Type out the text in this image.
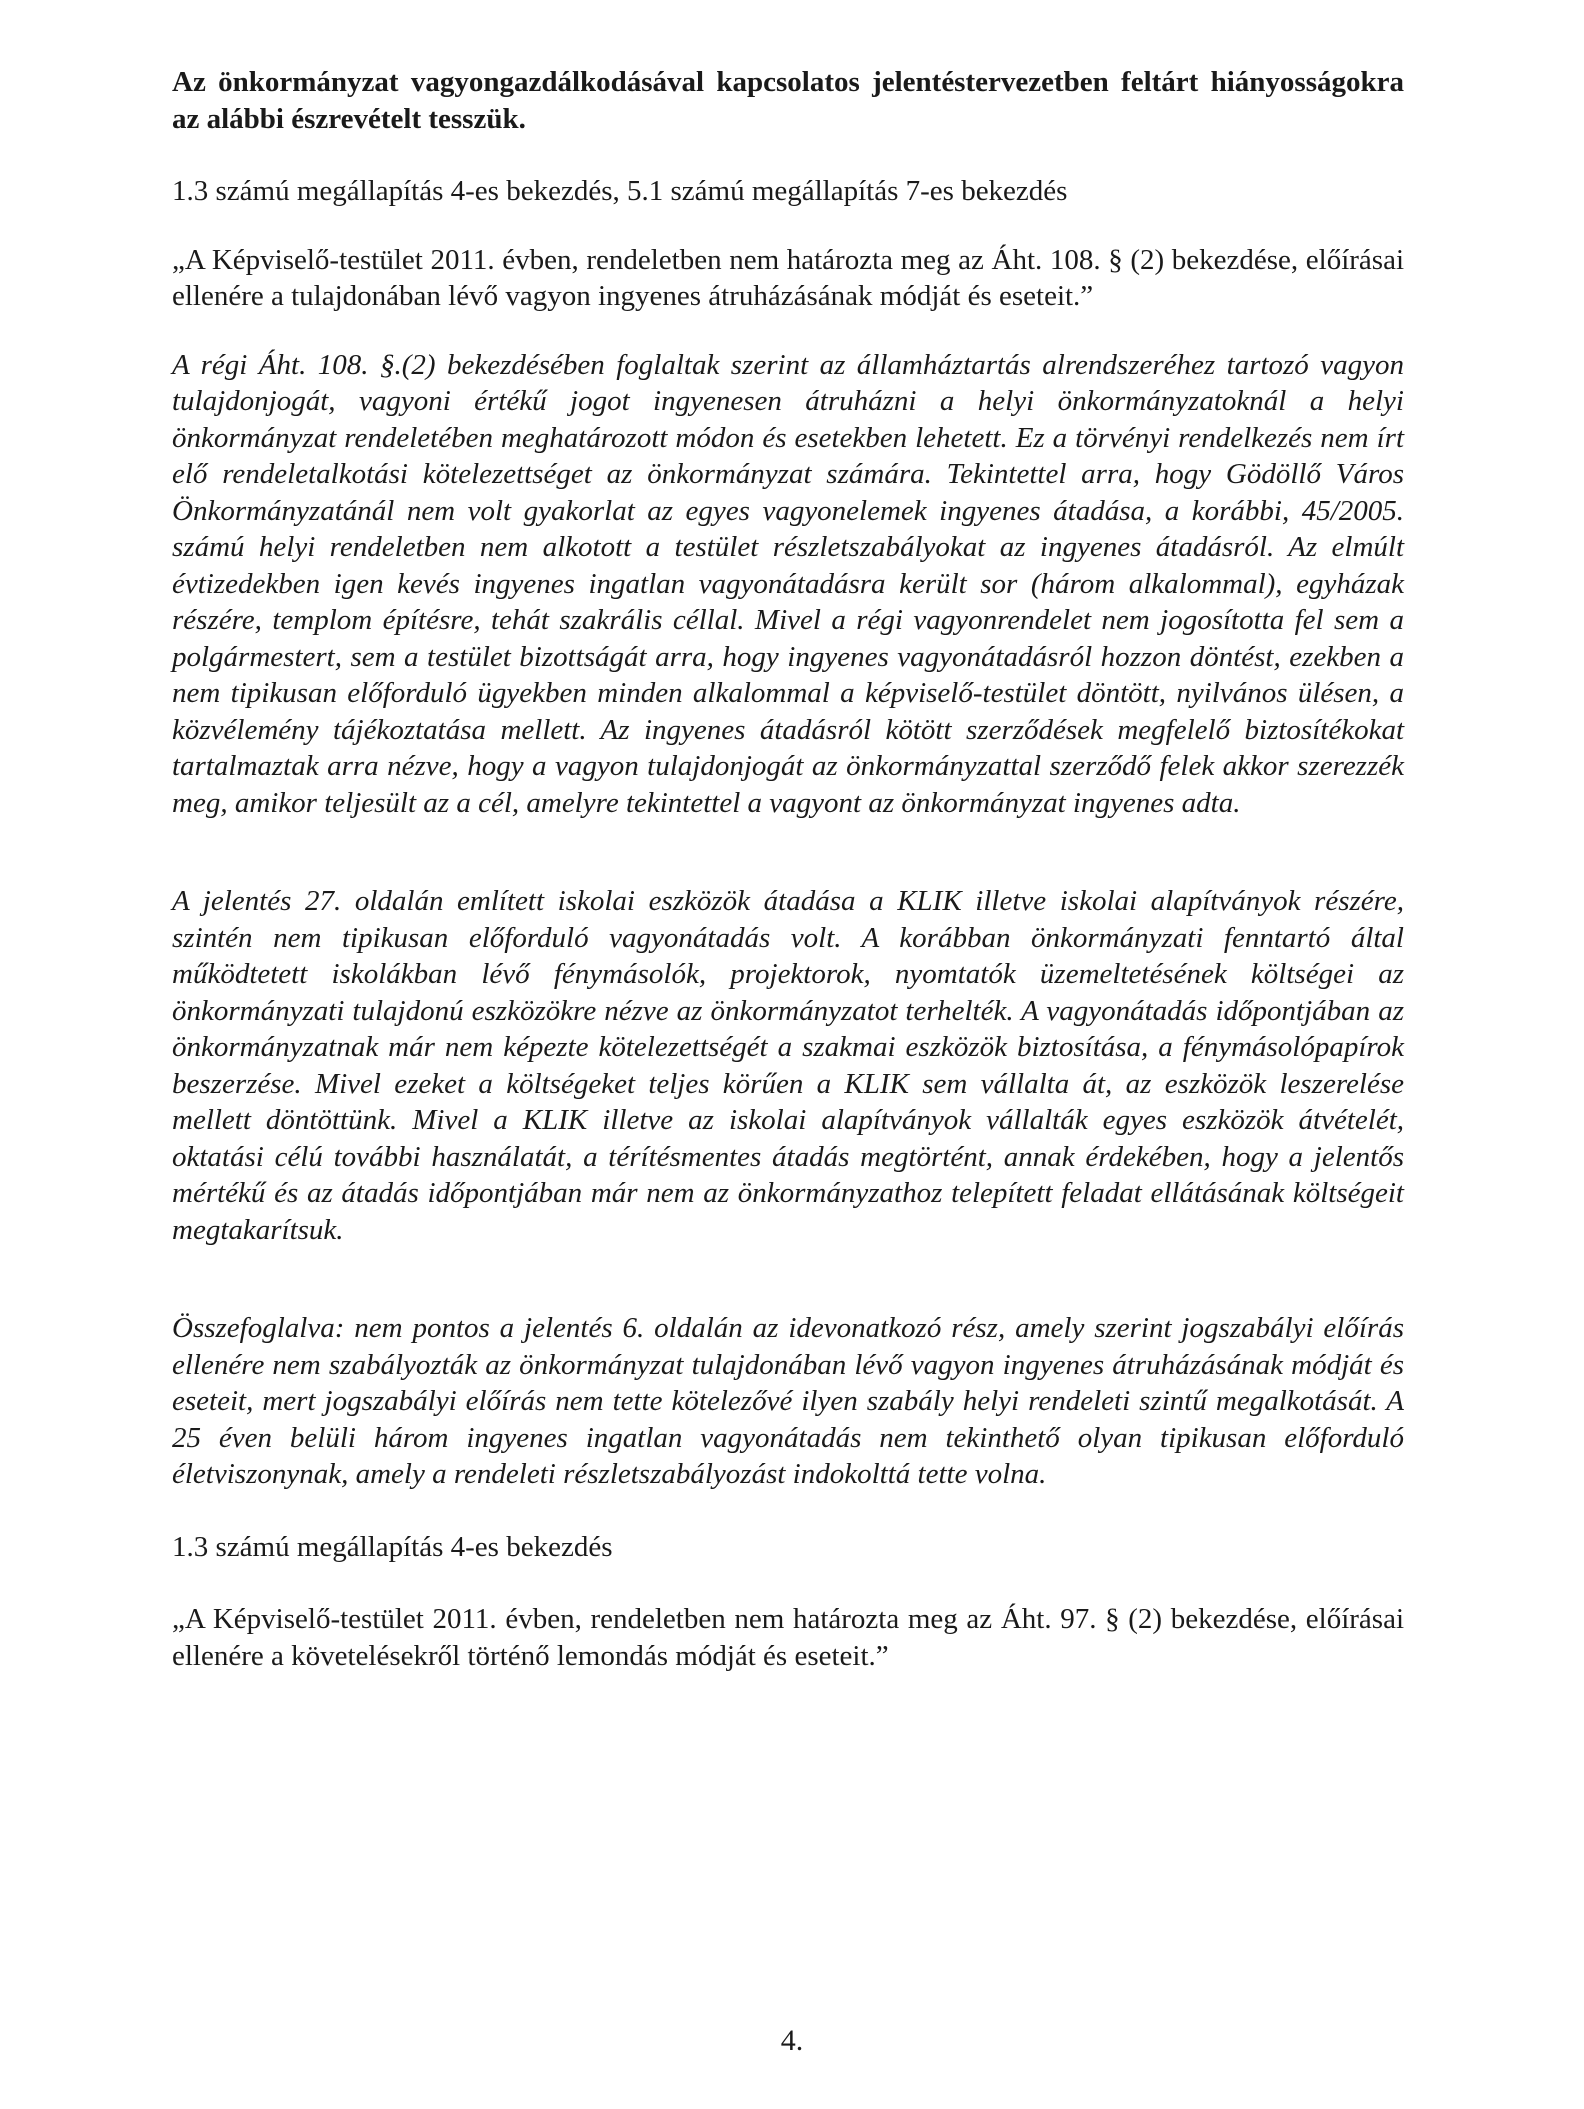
Az önkormányzat vagyongazdálkodásával kapcsolatos jelentéstervezetben feltárt hiányosságokra az alábbi észrevételt tesszük.

1.3 számú megállapítás 4-es bekezdés, 5.1 számú megállapítás 7-es bekezdés

„A Képviselő-testület 2011. évben, rendeletben nem határozta meg az Áht. 108. § (2) bekezdése, előírásai ellenére a tulajdonában lévő vagyon ingyenes átruházásának módját és eseteit.”

A régi Áht. 108. §.(2) bekezdésében foglaltak szerint az államháztartás alrendszeréhez tartozó vagyon tulajdonjogát, vagyoni értékű jogot ingyenesen átruházni a helyi önkormányzatoknál a helyi önkormányzat rendeletében meghatározott módon és esetekben lehetett. Ez a törvényi rendelkezés nem írt elő rendeletalkotási kötelezettséget az önkormányzat számára. Tekintettel arra, hogy Gödöllő Város Önkormányzatánál nem volt gyakorlat az egyes vagyonelemek ingyenes átadása, a korábbi, 45/2005. számú helyi rendeletben nem alkotott a testület részletszabályokat az ingyenes átadásról. Az elmúlt évtizedekben igen kevés ingyenes ingatlan vagyonátadásra került sor (három alkalommal), egyházak részére, templom építésre, tehát szakrális céllal. Mivel a régi vagyonrendelet nem jogosította fel sem a polgármestert, sem a testület bizottságát arra, hogy ingyenes vagyonátadásról hozzon döntést, ezekben a nem tipikusan előforduló ügyekben minden alkalommal a képviselő-testület döntött, nyilvános ülésen, a közvélemény tájékoztatása mellett. Az ingyenes átadásról kötött szerződések megfelelő biztosítékokat tartalmaztak arra nézve, hogy a vagyon tulajdonjogát az önkormányzattal szerződő felek akkor szerezzék meg, amikor teljesült az a cél, amelyre tekintettel a vagyont az önkormányzat ingyenes adta.

A jelentés 27. oldalán említett iskolai eszközök átadása a KLIK illetve iskolai alapítványok részére, szintén nem tipikusan előforduló vagyonátadás volt. A korábban önkormányzati fenntartó által működtetett iskolákban lévő fénymásolók, projektorok, nyomtatók üzemeltetésének költségei az önkormányzati tulajdonú eszközökre nézve az önkormányzatot terhelték. A vagyonátadás időpontjában az önkormányzatnak már nem képezte kötelezettségét a szakmai eszközök biztosítása, a fénymásolópapírok beszerzése. Mivel ezeket a költségeket teljes körűen a KLIK sem vállalta át, az eszközök leszerelése mellett döntöttünk. Mivel a KLIK illetve az iskolai alapítványok vállalták egyes eszközök átvételét, oktatási célú további használatát, a térítésmentes átadás megtörtént, annak érdekében, hogy a jelentős mértékű és az átadás időpontjában már nem az önkormányzathoz telepített feladat ellátásának költségeit megtakarítsuk.

Összefoglalva: nem pontos a jelentés 6. oldalán az idevonatkozó rész, amely szerint jogszabályi előírás ellenére nem szabályozták az önkormányzat tulajdonában lévő vagyon ingyenes átruházásának módját és eseteit, mert jogszabályi előírás nem tette kötelezővé ilyen szabály helyi rendeleti szintű megalkotását. A 25 éven belüli három ingyenes ingatlan vagyonátadás nem tekinthető olyan tipikusan előforduló életviszonynak, amely a rendeleti részletszabályozást indokolttá tette volna.

1.3 számú megállapítás 4-es bekezdés

„A Képviselő-testület 2011. évben, rendeletben nem határozta meg az Áht. 97. § (2) bekezdése, előírásai ellenére a követelésekről történő lemondás módját és eseteit.”

4.
